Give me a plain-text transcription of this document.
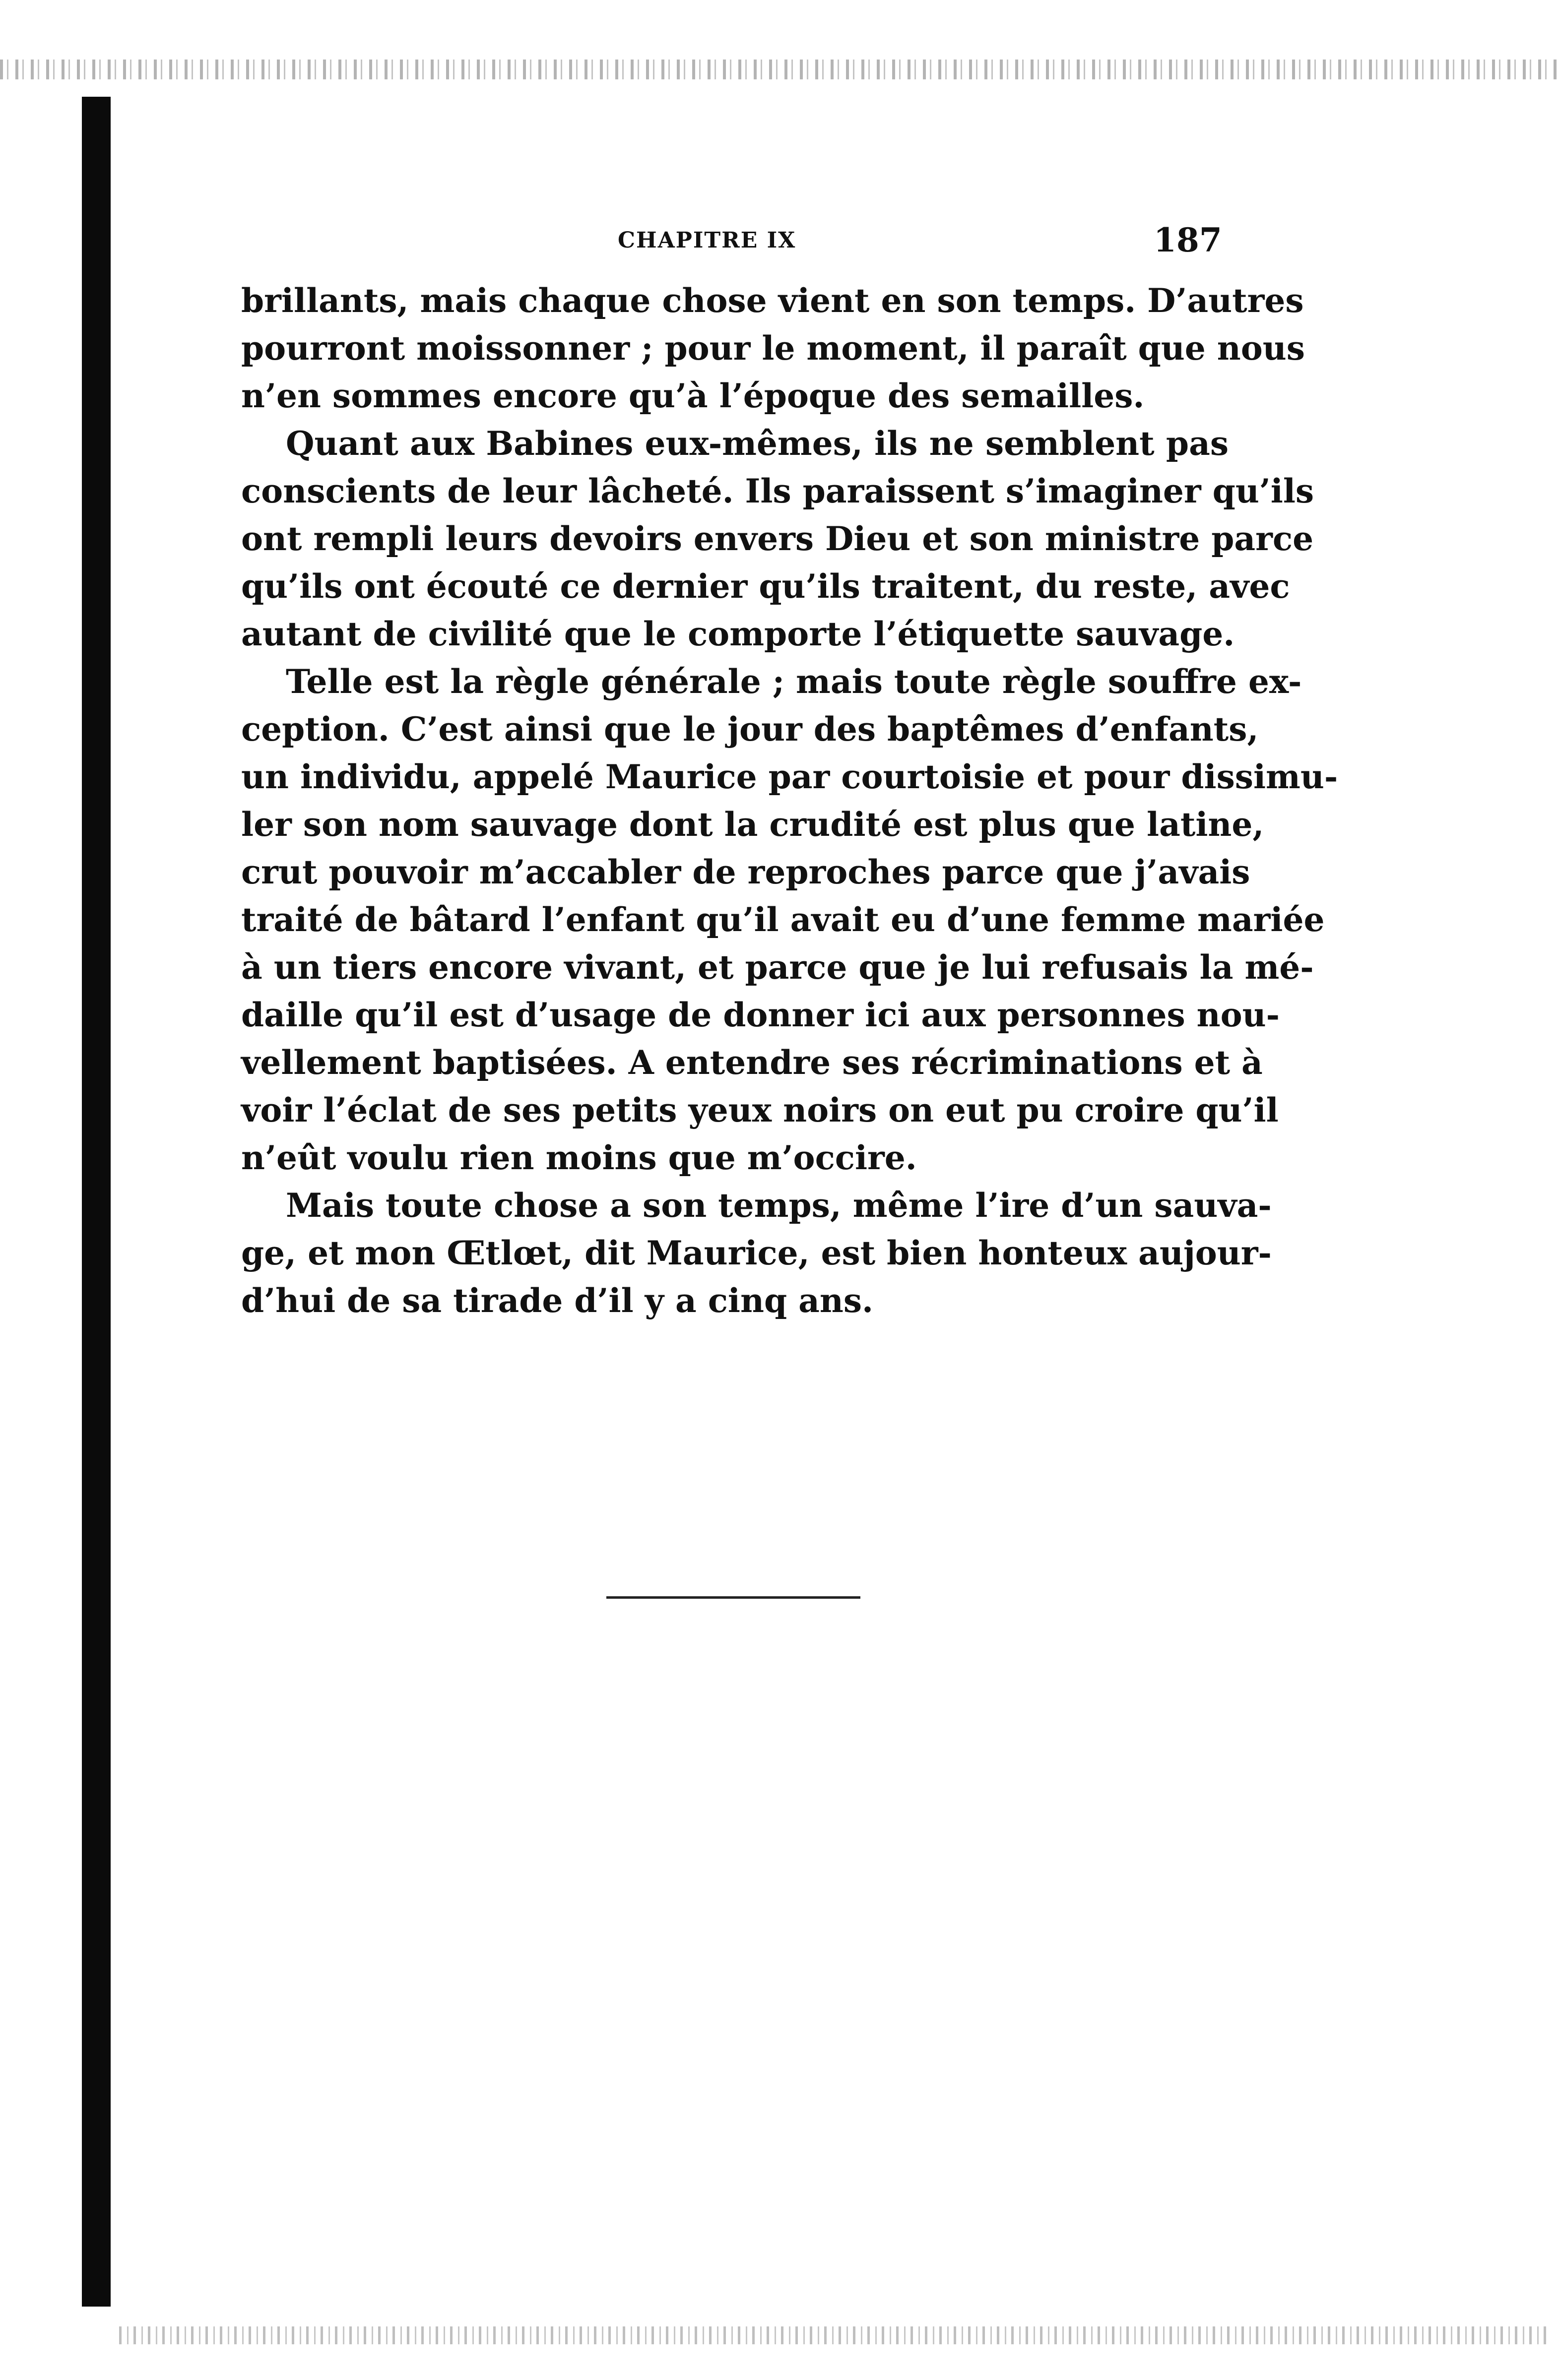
CHAPITRE IX	187
brillants, mais chaque chose vient en son temps. D’autres
pourront moissonner ; pour le moment, il paraît que nous
n’en sommes encore qu’à l’époque des semailles.
Quant aux Babines eux-mêmes, ils ne semblent pas
conscients de leur lâcheté. Ils paraissent s’imaginer qu’ils
ont rempli leurs devoirs envers Dieu et son ministre parce
qu’ils ont écouté ce dernier qu’ils traitent, du reste, avec
autant de civilité que le comporte l’étiquette sauvage.
Telle est la règle générale ; mais toute règle souffre ex-
ception. C’est ainsi que le jour des baptêmes d’enfants,
un individu, appelé Maurice par courtoisie et pour dissimu-
ler son nom sauvage dont la crudité est plus que latine,
crut pouvoir m’accabler de reproches parce que j’avais
traité de bâtard l’enfant qu’il avait eu d’une femme mariée
à un tiers encore vivant, et parce que je lui refusais la mé-
daille qu’il est d’usage de donner ici aux personnes nou-
vellement baptisées. A entendre ses récriminations et à
voir l’éclat de ses petits yeux noirs on eut pu croire qu’il
n’eût voulu rien moins que m’occire.
Mais toute chose a son temps, même l’ire d’un sauva-
ge, et mon Œtlœt, dit Maurice, est bien honteux aujour-
d’hui de sa tirade d’il y a cinq ans.
